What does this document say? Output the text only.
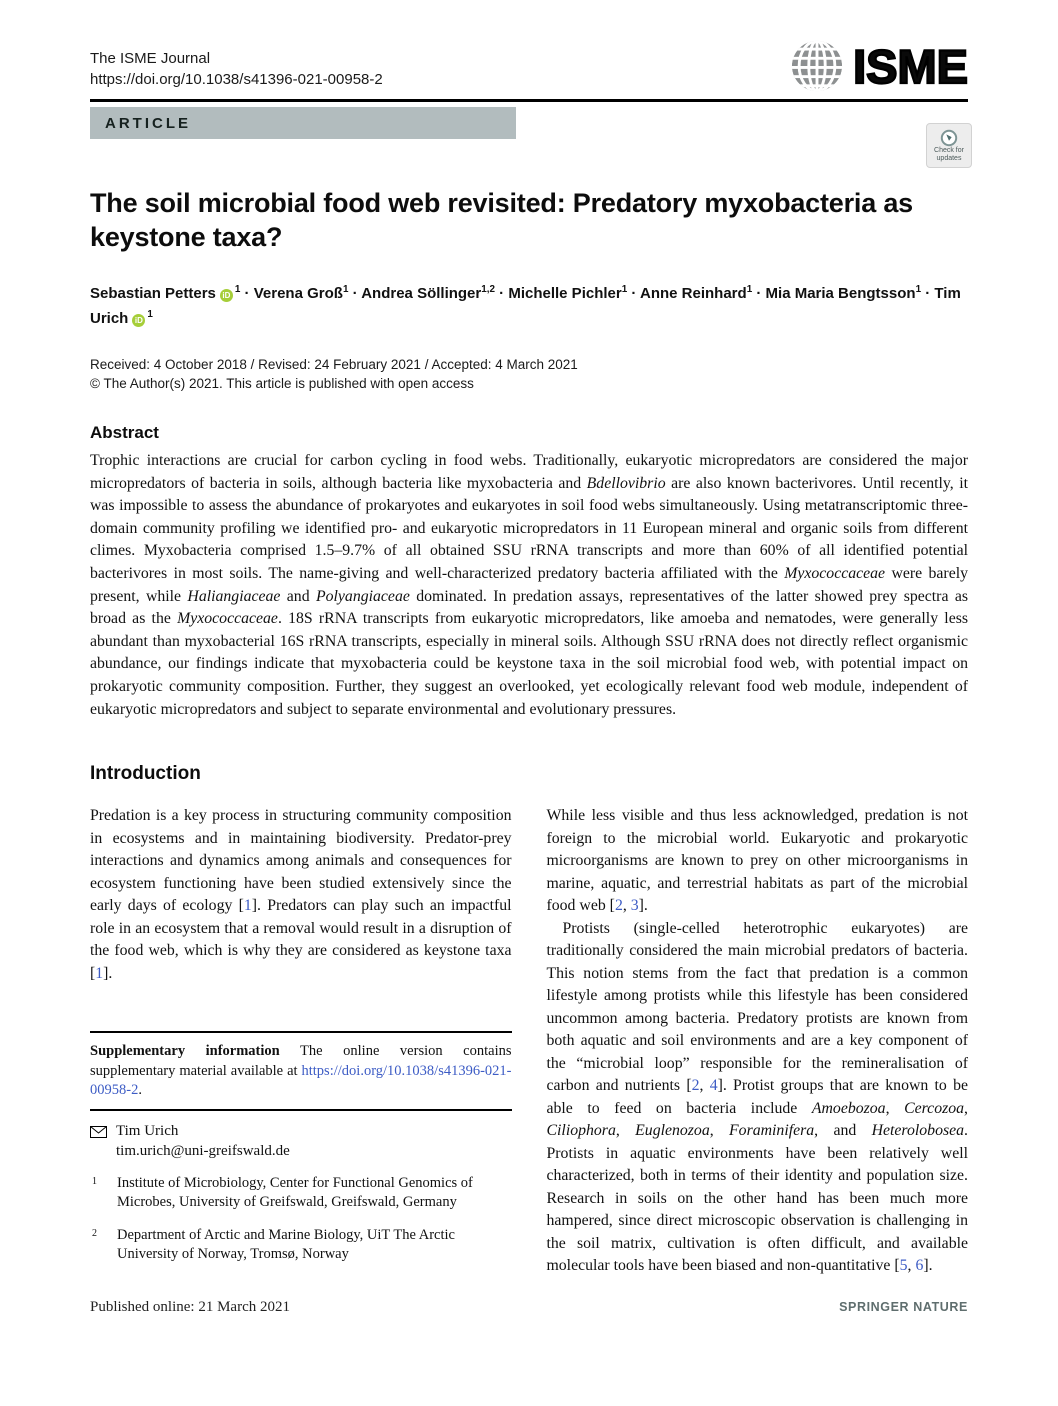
The ISME Journal
https://doi.org/10.1038/s41396-021-00958-2	ISME
ARTICLE
Check for
updates
The soil microbial food web revisited: Predatory myxobacteria as keystone taxa?
Sebastian Petters $iD^1$ · Verena Groß$^1$ · Andrea Söllinger$^{1,2}$ · Michelle Pichler$^1$ · Anne Reinhard$^1$ · Mia Maria Bengtsson$^1$ · Tim Urich $iD^1$
Received: 4 October 2018 / Revised: 24 February 2021 / Accepted: 4 March 2021
© The Author(s) 2021. This article is published with open access
Abstract

Trophic interactions are crucial for carbon cycling in food webs. Traditionally, eukaryotic micropredators are considered the major micropredators of bacteria in soils, although bacteria like myxobacteria and Bdellovibrio are also known bacterivores. Until recently, it was impossible to assess the abundance of prokaryotes and eukaryotes in soil food webs simultaneously. Using metatranscriptomic three-domain community profiling we identified pro- and eukaryotic micropredators in 11 European mineral and organic soils from different climes. Myxobacteria comprised 1.5–9.7% of all obtained SSU rRNA transcripts and more than 60% of all identified potential bacterivores in most soils. The name-giving and well-characterized predatory bacteria affiliated with the Myxococcaceae were barely present, while Haliangiaceae and Polyangiaceae dominated. In predation assays, representatives of the latter showed prey spectra as broad as the Myxococcaceae. 18S rRNA transcripts from eukaryotic micropredators, like amoeba and nematodes, were generally less abundant than myxobacterial 16S rRNA transcripts, especially in mineral soils. Although SSU rRNA does not directly reflect organismic abundance, our findings indicate that myxobacteria could be keystone taxa in the soil microbial food web, with potential impact on prokaryotic community composition. Further, they suggest an overlooked, yet ecologically relevant food web module, independent of eukaryotic micropredators and subject to separate environmental and evolutionary pressures.

Introduction

Predation is a key process in structuring community composition in ecosystems and in maintaining biodiversity. Predator-prey interactions and dynamics among animals and consequences for ecosystem functioning have been studied extensively since the early days of ecology [1]. Predators can play such an impactful role in an ecosystem that a removal would result in a disruption of the food web, which is why they are considered as keystone taxa [1].

Supplementary information The online version contains supplementary material available at https://doi.org/10.1038/s41396-021-00958-2.

Tim Urich
tim.urich@uni-greifswald.de
1 Institute of Microbiology, Center for Functional Genomics of Microbes, University of Greifswald, Greifswald, Germany
2 Department of Arctic and Marine Biology, UiT The Arctic University of Norway, Tromsø, Norway

While less visible and thus less acknowledged, predation is not foreign to the microbial world. Eukaryotic and prokaryotic microorganisms are known to prey on other microorganisms in marine, aquatic, and terrestrial habitats as part of the microbial food web [2, 3].

Protists (single-celled heterotrophic eukaryotes) are traditionally considered the main microbial predators of bacteria. This notion stems from the fact that predation is a common lifestyle among protists while this lifestyle has been considered uncommon among bacteria. Predatory protists are known from both aquatic and soil environments and are a key component of the “microbial loop” responsible for the remineralisation of carbon and nutrients [2, 4]. Protist groups that are known to be able to feed on bacteria include Amoebozoa, Cercozoa, Ciliophora, Euglenozoa, Foraminifera, and Heterolobosea. Protists in aquatic environments have been relatively well characterized, both in terms of their identity and population size. Research in soils on the other hand has been much more hampered, since direct microscopic observation is challenging in the soil matrix, cultivation is often difficult, and available molecular tools have been biased and non-quantitative [5, 6].

Published online: 21 March 2021	SPRINGER NATURE
